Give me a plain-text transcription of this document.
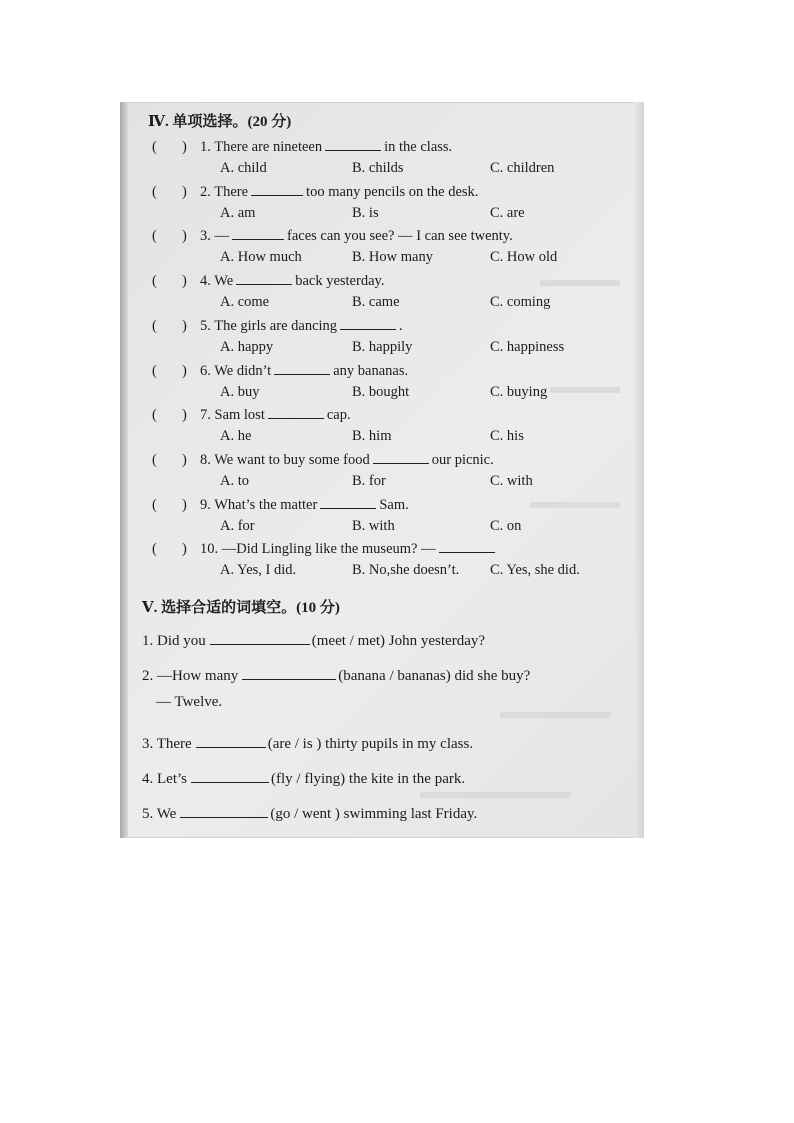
Ⅳ. 单项选择。(20 分)
( ) 1. There are nineteen	in the class.
A. child	B. childs	C. children
( ) 2. There	too many pencils on the desk.
A. am	B. is	C. are
( ) 3. —	faces can you see? — I can see twenty.
A. How much	B. How many	C. How old
( ) 4. We	back yesterday.
A. come	B. came	C. coming
( ) 5. The girls are dancing	.
A. happy	B. happily	C. happiness
( ) 6. We didn’t	any bananas.
A. buy	B. bought	C. buying
( ) 7. Sam lost	cap.
A. he	B. him	C. his
( ) 8. We want to buy some food	our picnic.
A. to	B. for	C. with
( ) 9. What’s the matter	Sam.
A. for	B. with	C. on
( ) 10. —Did Lingling like the museum? —
A. Yes, I did.	B. No,she doesn’t. C. Yes, she did.
Ⅴ. 选择合适的词填空。(10 分)
1. Did you	(meet / met) John yesterday?
2. —How many	(banana / bananas) did she buy?
3. There	(are / is ) thirty pupils in my class.
4. Let’s	(fly / flying) the kite in the park.
5. We	(go / went ) swimming last Friday.
— Twelve.
